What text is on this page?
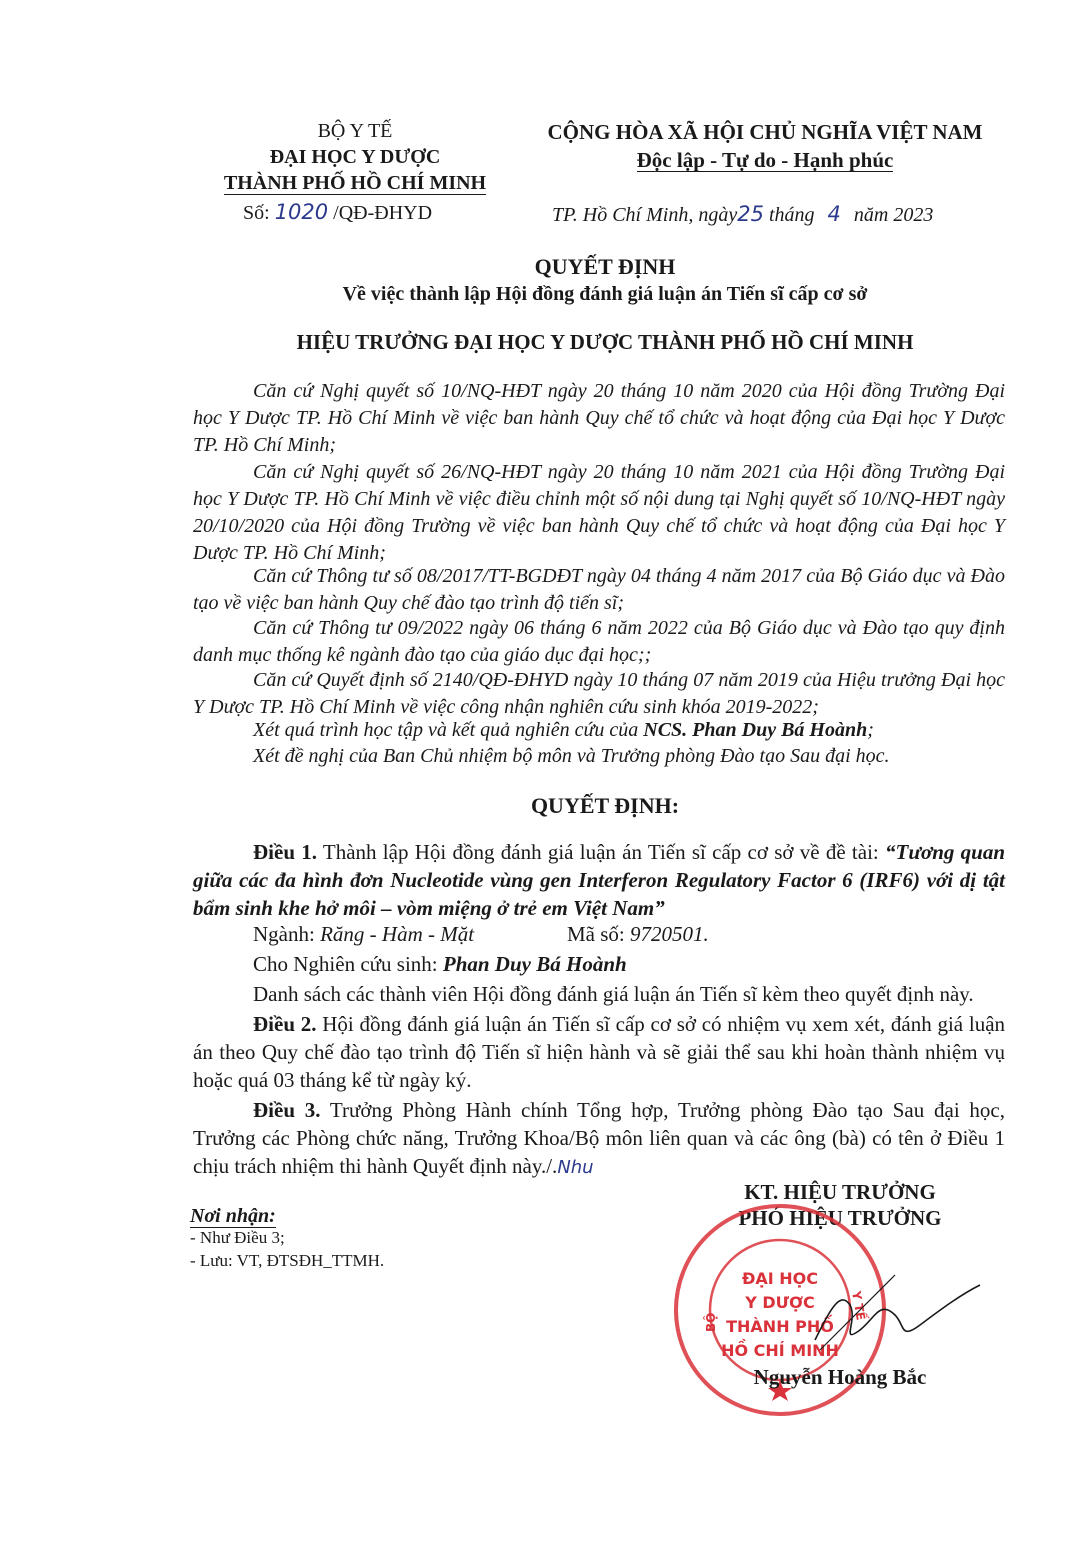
BỘ Y TẾ
ĐẠI HỌC Y DƯỢC
THÀNH PHỐ HỒ CHÍ MINH
Số: 1020 /QĐ-ĐHYD
CỘNG HÒA XÃ HỘI CHỦ NGHĨA VIỆT NAM
Độc lập - Tự do - Hạnh phúc
TP. Hồ Chí Minh, ngày25 tháng 4 năm 2023
QUYẾT ĐỊNH
Về việc thành lập Hội đồng đánh giá luận án Tiến sĩ cấp cơ sở
HIỆU TRƯỞNG ĐẠI HỌC Y DƯỢC THÀNH PHỐ HỒ CHÍ MINH
Căn cứ Nghị quyết số 10/NQ-HĐT ngày 20 tháng 10 năm 2020 của Hội đồng Trường Đại học Y Dược TP. Hồ Chí Minh về việc ban hành Quy chế tổ chức và hoạt động của Đại học Y Dược TP. Hồ Chí Minh;
Căn cứ Nghị quyết số 26/NQ-HĐT ngày 20 tháng 10 năm 2021 của Hội đồng Trường Đại học Y Dược TP. Hồ Chí Minh về việc điều chỉnh một số nội dung tại Nghị quyết số 10/NQ-HĐT ngày 20/10/2020 của Hội đồng Trường về việc ban hành Quy chế tổ chức và hoạt động của Đại học Y Dược TP. Hồ Chí Minh;
Căn cứ Thông tư số 08/2017/TT-BGDĐT ngày 04 tháng 4 năm 2017 của Bộ Giáo dục và Đào tạo về việc ban hành Quy chế đào tạo trình độ tiến sĩ;
Căn cứ Thông tư 09/2022 ngày 06 tháng 6 năm 2022 của Bộ Giáo dục và Đào tạo quy định danh mục thống kê ngành đào tạo của giáo dục đại học;;
Căn cứ Quyết định số 2140/QĐ-ĐHYD ngày 10 tháng 07 năm 2019 của Hiệu trưởng Đại học Y Dược TP. Hồ Chí Minh về việc công nhận nghiên cứu sinh khóa 2019-2022;
Xét quá trình học tập và kết quả nghiên cứu của NCS. Phan Duy Bá Hoành;
Xét đề nghị của Ban Chủ nhiệm bộ môn và Trưởng phòng Đào tạo Sau đại học.
QUYẾT ĐỊNH:
Điều 1. Thành lập Hội đồng đánh giá luận án Tiến sĩ cấp cơ sở về đề tài: “Tương quan giữa các đa hình đơn Nucleotide vùng gen Interferon Regulatory Factor 6 (IRF6) với dị tật bẩm sinh khe hở môi – vòm miệng ở trẻ em Việt Nam”
Ngành: Răng - Hàm - Mặt	Mã số: 9720501.
Cho Nghiên cứu sinh: Phan Duy Bá Hoành
Danh sách các thành viên Hội đồng đánh giá luận án Tiến sĩ kèm theo quyết định này.
Điều 2. Hội đồng đánh giá luận án Tiến sĩ cấp cơ sở có nhiệm vụ xem xét, đánh giá luận án theo Quy chế đào tạo trình độ Tiến sĩ hiện hành và sẽ giải thể sau khi hoàn thành nhiệm vụ hoặc quá 03 tháng kể từ ngày ký.
Điều 3. Trưởng Phòng Hành chính Tổng hợp, Trưởng phòng Đào tạo Sau đại học, Trưởng các Phòng chức năng, Trưởng Khoa/Bộ môn liên quan và các ông (bà) có tên ở Điều 1 chịu trách nhiệm thi hành Quyết định này./.Nhu
Nơi nhận:
- Như Điều 3;
- Lưu: VT, ĐTSĐH_TTMH.
KT. HIỆU TRƯỞNG
PHÓ HIỆU TRƯỞNG
BỘ
Y TẾ
ĐẠI HỌC
Y DƯỢC
THÀNH PHỐ
HỒ CHÍ MINH
Nguyễn Hoàng Bắc
